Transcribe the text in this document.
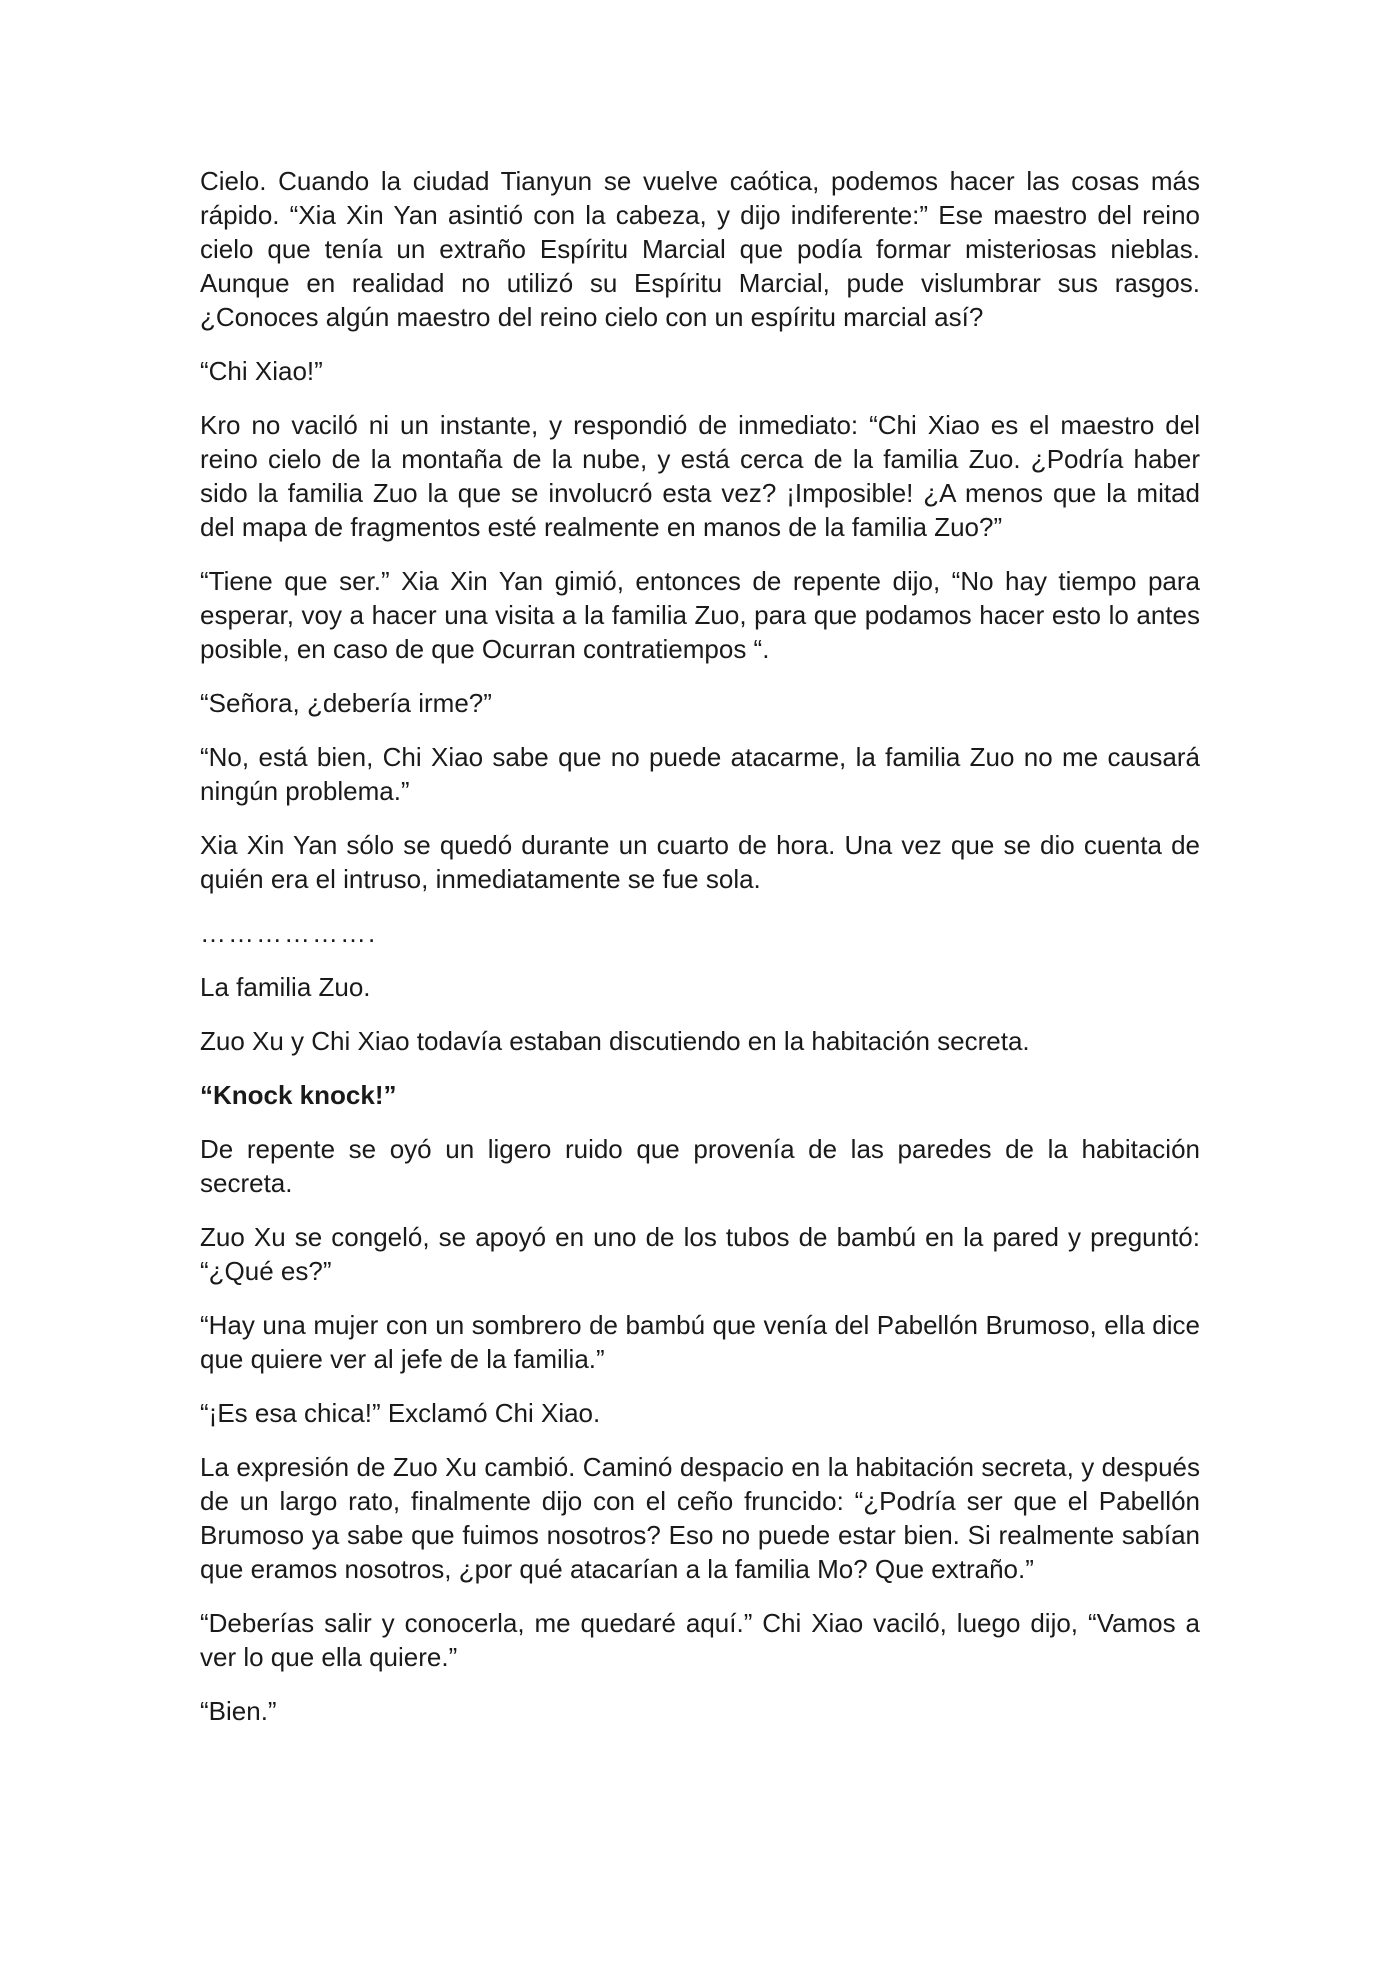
Cielo. Cuando la ciudad Tianyun se vuelve caótica, podemos hacer las cosas más rápido. “Xia Xin Yan asintió con la cabeza, y dijo indiferente:” Ese maestro del reino cielo que tenía un extraño Espíritu Marcial que podía formar misteriosas nieblas. Aunque en realidad no utilizó su Espíritu Marcial, pude vislumbrar sus rasgos. ¿Conoces algún maestro del reino cielo con un espíritu marcial así?

“Chi Xiao!”

Kro no vaciló ni un instante, y respondió de inmediato: “Chi Xiao es el maestro del reino cielo de la montaña de la nube, y está cerca de la familia Zuo. ¿Podría haber sido la familia Zuo la que se involucró esta vez? ¡Imposible! ¿A menos que la mitad del mapa de fragmentos esté realmente en manos de la familia Zuo?”

“Tiene que ser.” Xia Xin Yan gimió, entonces de repente dijo, “No hay tiempo para esperar, voy a hacer una visita a la familia Zuo, para que podamos hacer esto lo antes posible, en caso de que Ocurran contratiempos “.

“Señora, ¿debería irme?”

“No, está bien, Chi Xiao sabe que no puede atacarme, la familia Zuo no me causará ningún problema.”

Xia Xin Yan sólo se quedó durante un cuarto de hora. Una vez que se dio cuenta de quién era el intruso, inmediatamente se fue sola.

……………….

La familia Zuo.

Zuo Xu y Chi Xiao todavía estaban discutiendo en la habitación secreta.

“Knock knock!”

De repente se oyó un ligero ruido que provenía de las paredes de la habitación secreta.

Zuo Xu se congeló, se apoyó en uno de los tubos de bambú en la pared y preguntó: “¿Qué es?”

“Hay una mujer con un sombrero de bambú que venía del Pabellón Brumoso, ella dice que quiere ver al jefe de la familia.”

“¡Es esa chica!” Exclamó Chi Xiao.

La expresión de Zuo Xu cambió. Caminó despacio en la habitación secreta, y después de un largo rato, finalmente dijo con el ceño fruncido: “¿Podría ser que el Pabellón Brumoso ya sabe que fuimos nosotros? Eso no puede estar bien. Si realmente sabían que eramos nosotros, ¿por qué atacarían a la familia Mo? Que extraño.”

“Deberías salir y conocerla, me quedaré aquí.” Chi Xiao vaciló, luego dijo, “Vamos a ver lo que ella quiere.”

“Bien.”
